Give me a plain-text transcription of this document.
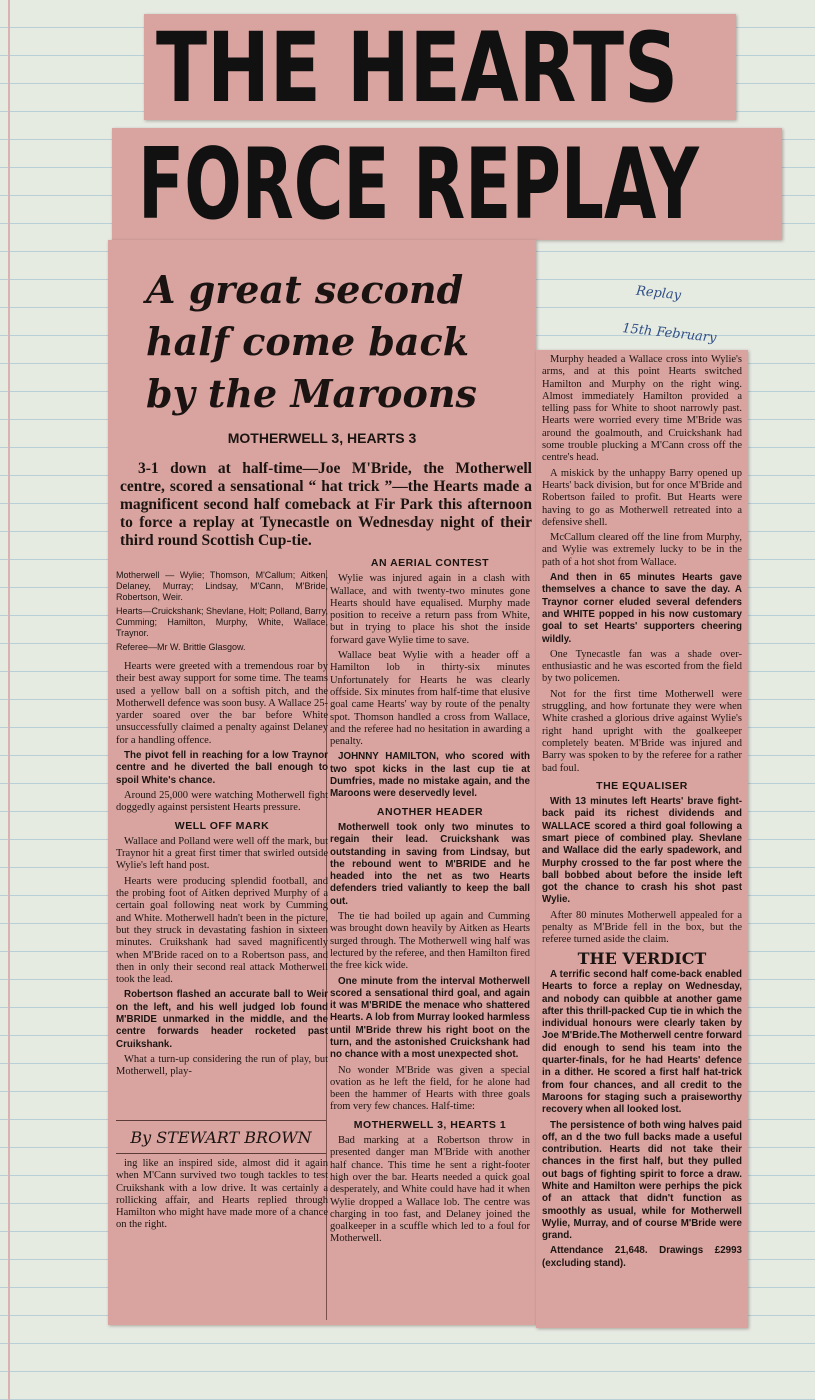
THE HEARTS
FORCE REPLAY
Replay
15th February
A great second
half come back
by the Maroons
MOTHERWELL 3, HEARTS 3
3-1 down at half-time—Joe M'Bride, the Motherwell centre, scored a sensational “ hat trick ”—the Hearts made a magnificent second half comeback at Fir Park this afternoon to force a replay at Tynecastle on Wednesday night of their third round Scottish Cup-tie.

Motherwell — Wylie; Thomson, M'Callum; Aitken, Delaney, Murray; Lindsay, M'Cann, M'Bride, Robertson, Weir.

Hearts—Cruickshank; Shevlane, Holt; Polland, Barry, Cumming; Hamilton, Murphy, White, Wallace, Traynor.

Referee—Mr W. Brittle Glasgow.

Hearts were greeted with a tremendous roar by their best away support for some time. The teams used a yellow ball on a softish pitch, and the Motherwell defence was soon busy. A Wallace 25-yarder soared over the bar before White unsuccessfully claimed a penalty against Delaney for a handling offence.

The pivot fell in reaching for a low Traynor centre and he diverted the ball enough to spoil White's chance.

Around 25,000 were watching Motherwell fight doggedly against persistent Hearts pressure.

WELL OFF MARK

Wallace and Polland were well off the mark, but Traynor hit a great first timer that swirled outside Wylie's left hand post.

Hearts were producing splendid football, and the probing foot of Aitken deprived Murphy of a certain goal following neat work by Cumming and White. Motherwell hadn't been in the picture, but they struck in devastating fashion in sixteen minutes. Cruikshank had saved magnificently when M'Bride raced on to a Robertson pass, and then in only their second real attack Motherwell took the lead.

Robertson flashed an accurate ball to Weir on the left, and his well judged lob found M'BRIDE unmarked in the middle, and the centre forwards header rocketed past Cruikshank.

What a turn-up considering the run of play, but Motherwell, play-

By STEWART BROWN

ing like an inspired side, almost did it again when M'Cann survived two tough tackles to test Cruikshank with a low drive. It was certainly a rollicking affair, and Hearts replied through Hamilton who might have made more of a chance on the right.

AN AERIAL CONTEST

Wylie was injured again in a clash with Wallace, and with twenty-two minutes gone Hearts should have equalised. Murphy made position to receive a return pass from White, but in trying to place his shot the inside forward gave Wylie time to save.

Wallace beat Wylie with a header off a Hamilton lob in thirty-six minutes Unfortunately for Hearts he was clearly offside. Six minutes from half-time that elusive goal came Hearts' way by route of the penalty spot. Thomson handled a cross from Wallace, and the referee had no hesitation in awarding a penalty.

JOHNNY HAMILTON, who scored with two spot kicks in the last cup tie at Dumfries, made no mistake again, and the Maroons were deservedly level.

ANOTHER HEADER

Motherwell took only two minutes to regain their lead. Cruickshank was outstanding in saving from Lindsay, but the rebound went to M'BRIDE and he headed into the net as two Hearts defenders tried valiantly to keep the ball out.

The tie had boiled up again and Cumming was brought down heavily by Aitken as Hearts surged through. The Motherwell wing half was lectured by the referee, and then Hamilton fired the free kick wide.

One minute from the interval Motherwell scored a sensational third goal, and again it was M'BRIDE the menace who shattered Hearts. A lob from Murray looked harmless until M'Bride threw his right boot on the turn, and the astonished Cruickshank had no chance with a most unexpected shot.

No wonder M'Bride was given a special ovation as he left the field, for he alone had been the hammer of Hearts with three goals from very few chances. Half-time:

MOTHERWELL 3, HEARTS 1

Bad marking at a Robertson throw in presented danger man M'Bride with another half chance. This time he sent a right-footer high over the bar. Hearts needed a quick goal desperately, and White could have had it when Wylie dropped a Wallace lob. The centre was charging in too fast, and Delaney joined the goalkeeper in a scuffle which led to a foul for Motherwell.

Murphy headed a Wallace cross into Wylie's arms, and at this point Hearts switched Hamilton and Murphy on the right wing. Almost immediately Hamilton provided a telling pass for White to shoot narrowly past. Hearts were worried every time M'Bride was around the goalmouth, and Cruickshank had some trouble plucking a M'Cann cross off the centre's head.

A miskick by the unhappy Barry opened up Hearts' back division, but for once M'Bride and Robertson failed to profit. But Hearts were having to go as Motherwell retreated into a defensive shell.

McCallum cleared off the line from Murphy, and Wylie was extremely lucky to be in the path of a hot shot from Wallace.

And then in 65 minutes Hearts gave themselves a chance to save the day. A Traynor corner eluded several defenders and WHITE popped in his now customary goal to set Hearts' supporters cheering wildly.

One Tynecastle fan was a shade over-enthusiastic and he was escorted from the field by two policemen.

Not for the first time Motherwell were struggling, and how fortunate they were when White crashed a glorious drive against Wylie's right hand upright with the goalkeeper completely beaten. M'Bride was injured and Barry was spoken to by the referee for a rather bad foul.

THE EQUALISER

With 13 minutes left Hearts' brave fight-back paid its richest dividends and WALLACE scored a third goal following a smart piece of combined play. Shevlane and Wallace did the early spadework, and Murphy crossed to the far post where the ball bobbed about before the inside left got the chance to crash his shot past Wylie.

After 80 minutes Motherwell appealed for a penalty as M'Bride fell in the box, but the referee turned aside the claim.

THE VERDICT

A terrific second half come-back enabled Hearts to force a replay on Wednesday, and nobody can quibble at another game after this thrill-packed Cup tie in which the individual honours were clearly taken by Joe M'Bride.The Motherwell centre forward did enough to send his team into the quarter-finals, for he had Hearts' defence in a dither. He scored a first half hat-trick from four chances, and all credit to the Maroons for staging such a praiseworthy recovery when all looked lost.

The persistence of both wing halves paid off, an d the two full backs made a useful contribution. Hearts did not take their chances in the first half, but they pulled out bags of fighting spirit to force a draw. White and Hamilton were perhips the pick of an attack that didn't function as smoothly as usual, while for Motherwell Wylie, Murray, and of course M'Bride were grand.

Attendance 21,648. Drawings £2993 (excluding stand).
